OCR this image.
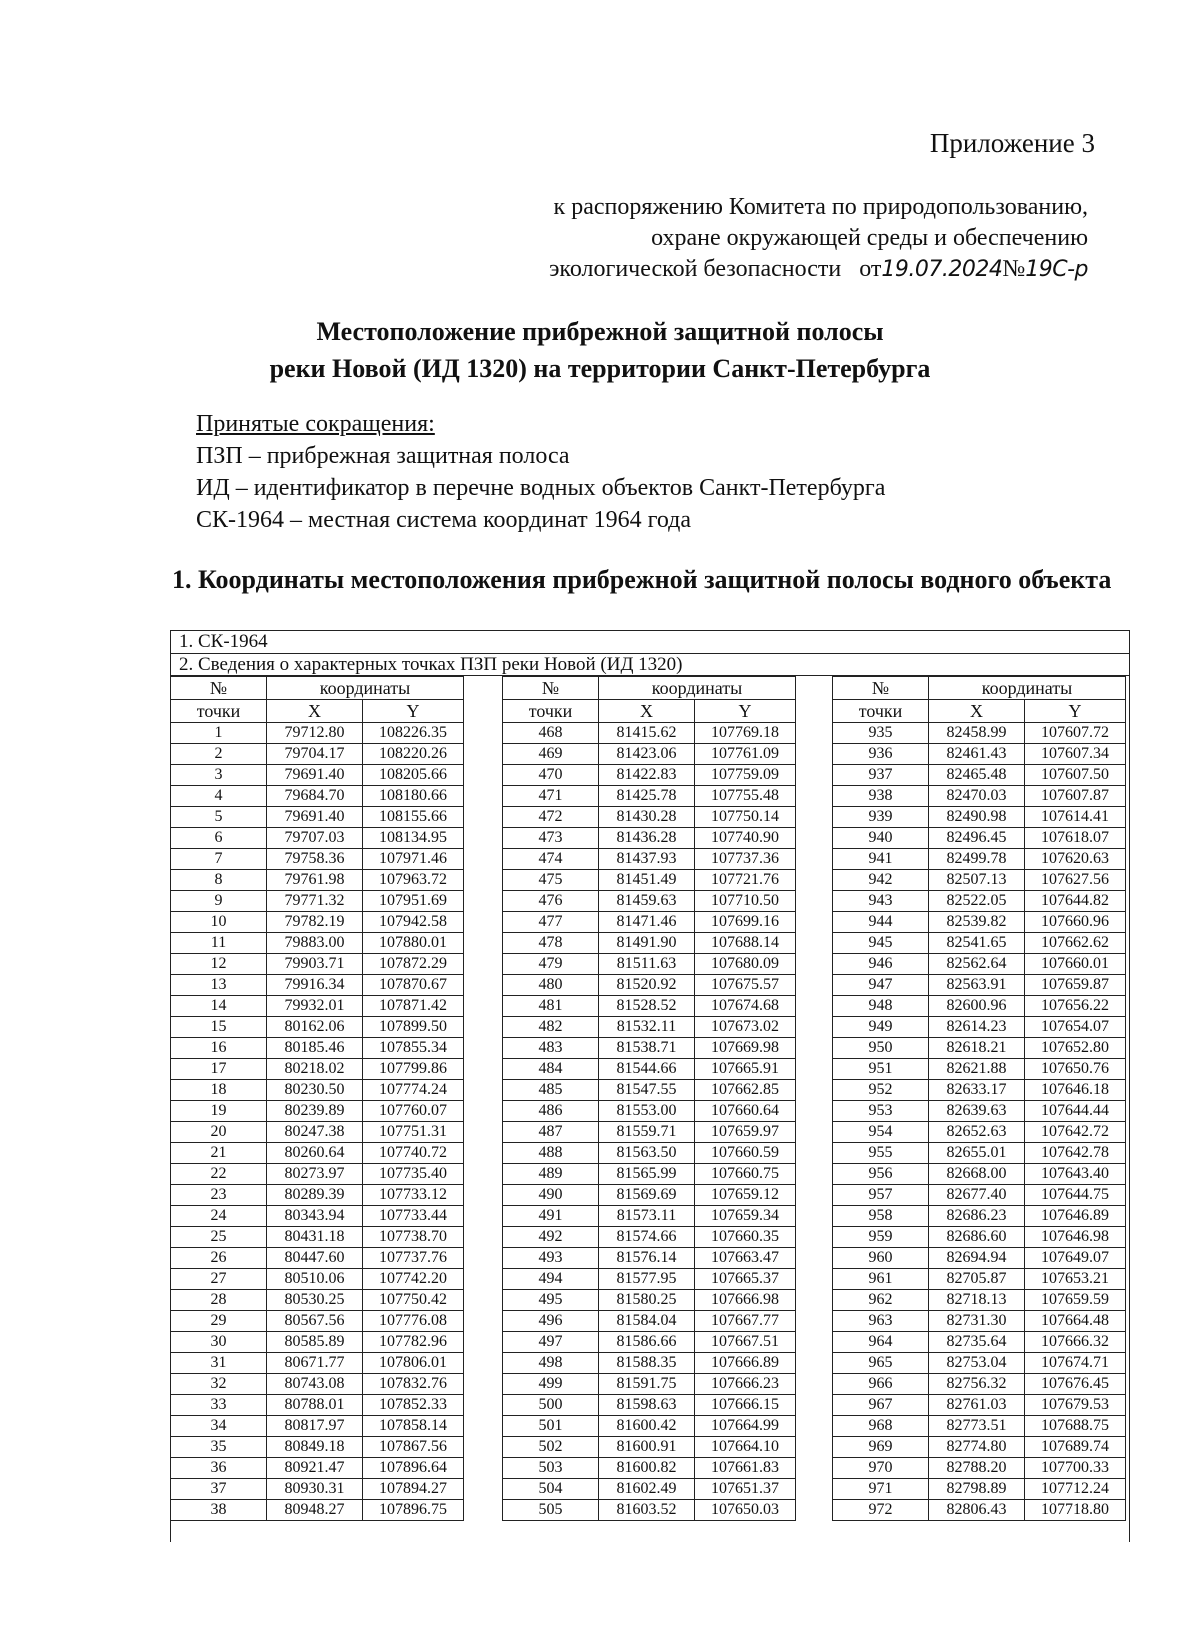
Приложение 3
к распоряжению Комитета по природопользованию,
охране окружающей среды и обеспечению
экологической безопасности от19.07.2024№19С-р
Местоположение прибрежной защитной полосы
реки Новой (ИД 1320) на территории Санкт-Петербурга
Принятые сокращения:
ПЗП – прибрежная защитная полоса
ИД – идентификатор в перечне водных объектов Санкт-Петербурга
СК-1964 – местная система координат 1964 года
1. Координаты местоположения прибрежной защитной полосы водного объекта
1. СК-1964
2. Сведения о характерных точках ПЗП реки Новой (ИД 1320)
№	координаты	
точки	X	Y
1	79712.80	108226.35
2	79704.17	108220.26
3	79691.40	108205.66
4	79684.70	108180.66
5	79691.40	108155.66
6	79707.03	108134.95
7	79758.36	107971.46
8	79761.98	107963.72
9	79771.32	107951.69
10	79782.19	107942.58
11	79883.00	107880.01
12	79903.71	107872.29
13	79916.34	107870.67
14	79932.01	107871.42
15	80162.06	107899.50
16	80185.46	107855.34
17	80218.02	107799.86
18	80230.50	107774.24
19	80239.89	107760.07
20	80247.38	107751.31
21	80260.64	107740.72
22	80273.97	107735.40
23	80289.39	107733.12
24	80343.94	107733.44
25	80431.18	107738.70
26	80447.60	107737.76
27	80510.06	107742.20
28	80530.25	107750.42
29	80567.56	107776.08
30	80585.89	107782.96
31	80671.77	107806.01
32	80743.08	107832.76
33	80788.01	107852.33
34	80817.97	107858.14
35	80849.18	107867.56
36	80921.47	107896.64
37	80930.31	107894.27
38	80948.27	107896.75
№	координаты	
точки	X	Y
468	81415.62	107769.18
469	81423.06	107761.09
470	81422.83	107759.09
471	81425.78	107755.48
472	81430.28	107750.14
473	81436.28	107740.90
474	81437.93	107737.36
475	81451.49	107721.76
476	81459.63	107710.50
477	81471.46	107699.16
478	81491.90	107688.14
479	81511.63	107680.09
480	81520.92	107675.57
481	81528.52	107674.68
482	81532.11	107673.02
483	81538.71	107669.98
484	81544.66	107665.91
485	81547.55	107662.85
486	81553.00	107660.64
487	81559.71	107659.97
488	81563.50	107660.59
489	81565.99	107660.75
490	81569.69	107659.12
491	81573.11	107659.34
492	81574.66	107660.35
493	81576.14	107663.47
494	81577.95	107665.37
495	81580.25	107666.98
496	81584.04	107667.77
497	81586.66	107667.51
498	81588.35	107666.89
499	81591.75	107666.23
500	81598.63	107666.15
501	81600.42	107664.99
502	81600.91	107664.10
503	81600.82	107661.83
504	81602.49	107651.37
505	81603.52	107650.03
№	координаты	
точки	X	Y
935	82458.99	107607.72
936	82461.43	107607.34
937	82465.48	107607.50
938	82470.03	107607.87
939	82490.98	107614.41
940	82496.45	107618.07
941	82499.78	107620.63
942	82507.13	107627.56
943	82522.05	107644.82
944	82539.82	107660.96
945	82541.65	107662.62
946	82562.64	107660.01
947	82563.91	107659.87
948	82600.96	107656.22
949	82614.23	107654.07
950	82618.21	107652.80
951	82621.88	107650.76
952	82633.17	107646.18
953	82639.63	107644.44
954	82652.63	107642.72
955	82655.01	107642.78
956	82668.00	107643.40
957	82677.40	107644.75
958	82686.23	107646.89
959	82686.60	107646.98
960	82694.94	107649.07
961	82705.87	107653.21
962	82718.13	107659.59
963	82731.30	107664.48
964	82735.64	107666.32
965	82753.04	107674.71
966	82756.32	107676.45
967	82761.03	107679.53
968	82773.51	107688.75
969	82774.80	107689.74
970	82788.20	107700.33
971	82798.89	107712.24
972	82806.43	107718.80
